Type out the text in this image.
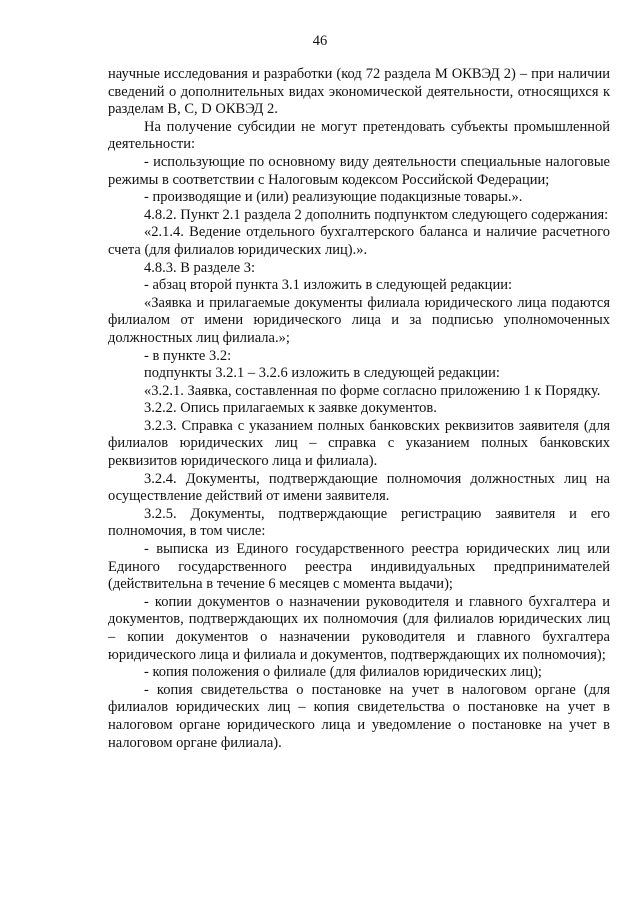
46

научные исследования и разработки (код 72 раздела М ОКВЭД 2) – при наличии сведений о дополнительных видах экономической деятельности, относящихся к разделам В, С, D ОКВЭД 2.

На получение субсидии не могут претендовать субъекты промышленной деятельности:

- использующие по основному виду деятельности специальные налоговые режимы в соответствии с Налоговым кодексом Российской Федерации;

- производящие и (или) реализующие подакцизные товары.».

4.8.2. Пункт 2.1 раздела 2 дополнить подпунктом следующего содержания:

«2.1.4. Ведение отдельного бухгалтерского баланса и наличие расчетного счета (для филиалов юридических лиц).».

4.8.3. В разделе 3:

- абзац второй пункта 3.1 изложить в следующей редакции:

«Заявка и прилагаемые документы филиала юридического лица подаются филиалом от имени юридического лица и за подписью уполномоченных должностных лиц филиала.»;

- в пункте 3.2:

подпункты 3.2.1 – 3.2.6 изложить в следующей редакции:

«3.2.1. Заявка, составленная по форме согласно приложению 1 к Порядку.

3.2.2. Опись прилагаемых к заявке документов.

3.2.3. Справка с указанием полных банковских реквизитов заявителя (для филиалов юридических лиц – справка с указанием полных банковских реквизитов юридического лица и филиала).

3.2.4. Документы, подтверждающие полномочия должностных лиц на осуществление действий от имени заявителя.

3.2.5. Документы, подтверждающие регистрацию заявителя и его полномочия, в том числе:

- выписка из Единого государственного реестра юридических лиц или Единого государственного реестра индивидуальных предпринимателей (действительна в течение 6 месяцев с момента выдачи);

- копии документов о назначении руководителя и главного бухгалтера и документов, подтверждающих их полномочия (для филиалов юридических лиц – копии документов о назначении руководителя и главного бухгалтера юридического лица и филиала и документов, подтверждающих их полномочия);

- копия положения о филиале (для филиалов юридических лиц);

- копия свидетельства о постановке на учет в налоговом органе (для филиалов юридических лиц – копия свидетельства о постановке на учет в налоговом органе юридического лица и уведомление о постановке на учет в налоговом органе филиала).
